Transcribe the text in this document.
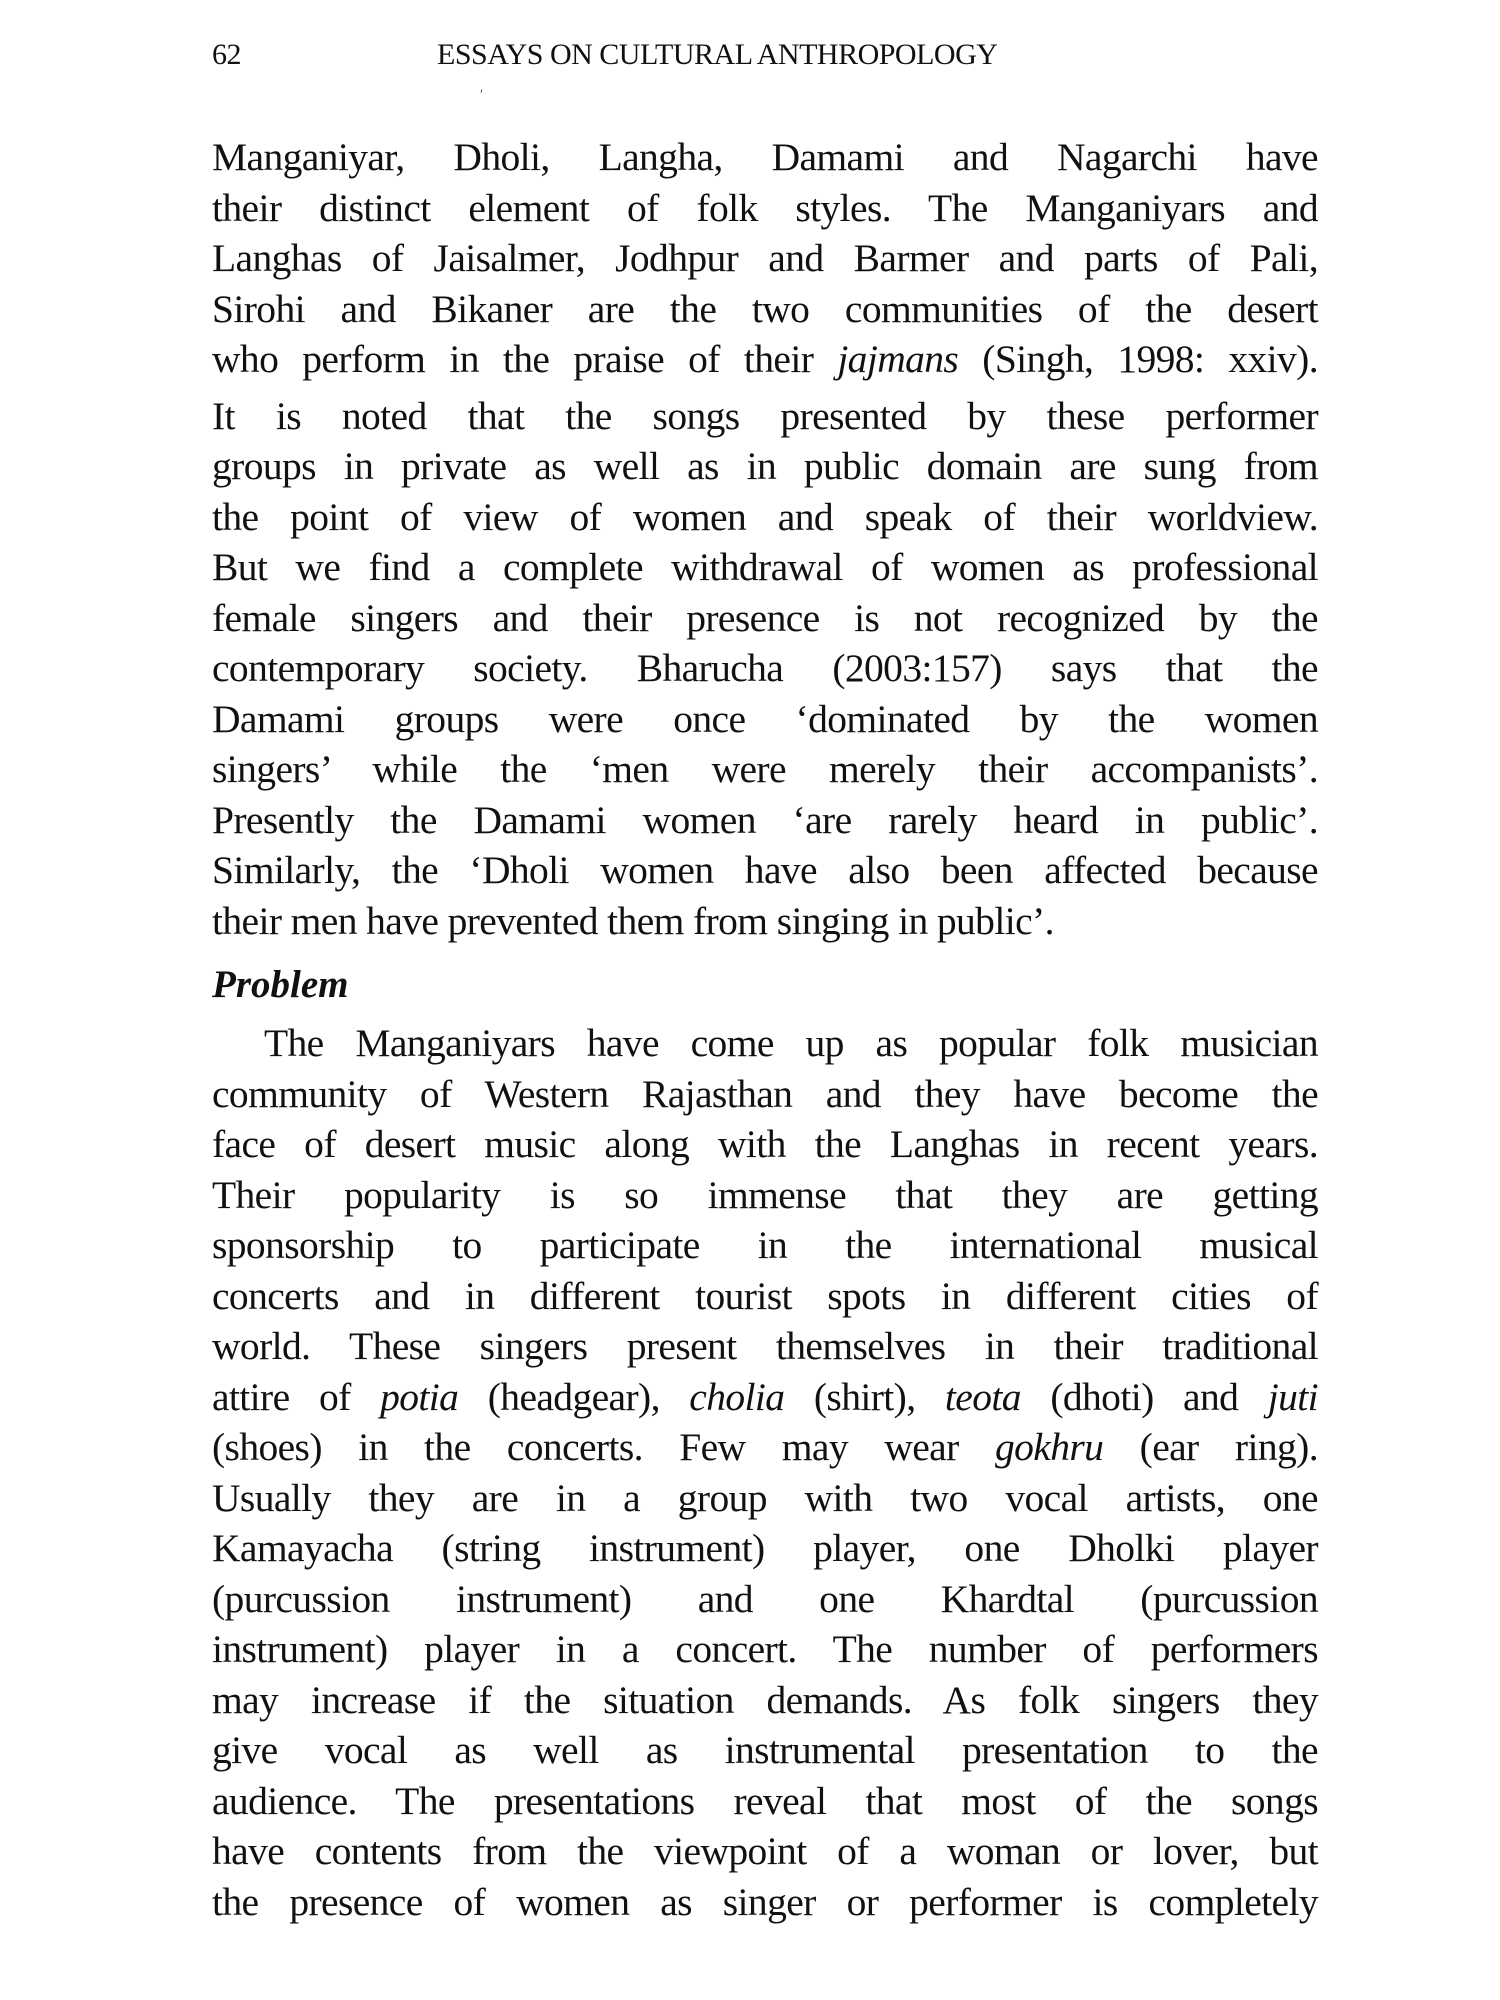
62	ESSAYS ON CULTURAL ANTHROPOLOGY
ʹ
Manganiyar, Dholi, Langha, Damami and Nagarchi have
their distinct element of folk styles. The Manganiyars and
Langhas of Jaisalmer, Jodhpur and Barmer and parts of Pali,
Sirohi and Bikaner are the two communities of the desert
who perform in the praise of their jajmans (Singh, 1998: xxiv).
It is noted that the songs presented by these performer
groups in private as well as in public domain are sung from
the point of view of women and speak of their worldview.
But we find a complete withdrawal of women as professional
female singers and their presence is not recognized by the
contemporary society. Bharucha (2003:157) says that the
Damami groups were once ‘dominated by the women
singers’ while the ‘men were merely their accompanists’.
Presently the Damami women ‘are rarely heard in public’.
Similarly, the ‘Dholi women have also been affected because
their men have prevented them from singing in public’.
Problem
The Manganiyars have come up as popular folk musician
community of Western Rajasthan and they have become the
face of desert music along with the Langhas in recent years.
Their popularity is so immense that they are getting
sponsorship to participate in the international musical
concerts and in different tourist spots in different cities of
world. These singers present themselves in their traditional
attire of potia (headgear), cholia (shirt), teota (dhoti) and juti
(shoes) in the concerts. Few may wear gokhru (ear ring).
Usually they are in a group with two vocal artists, one
Kamayacha (string instrument) player, one Dholki player
(purcussion instrument) and one Khardtal (purcussion
instrument) player in a concert. The number of performers
may increase if the situation demands. As folk singers they
give vocal as well as instrumental presentation to the
audience. The presentations reveal that most of the songs
have contents from the viewpoint of a woman or lover, but
the presence of women as singer or performer is completely
